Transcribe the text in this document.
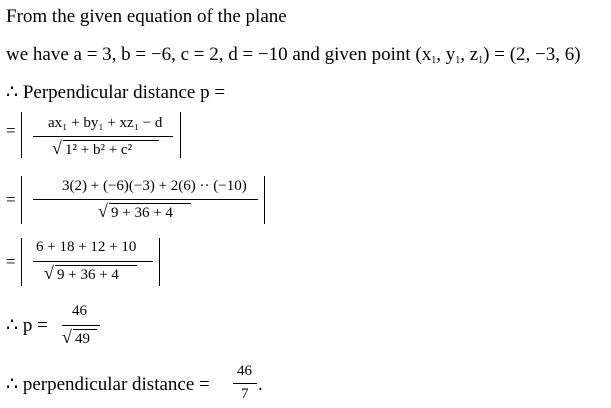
From the given equation of the plane
we have a = 3, b = −6, c = 2, d = −10 and given point ($x_1$, $y_1$, $z_1) = (2$, −3, 6)
∴ Perpendicular distance p =
= ax₁ + by₁ + xz₁ − d
√ 1² + b² + c²
=
3(2) + (−6)(−3) + 2(6) ·· (−10)
√ 9 + 36 + 4
=
6 + 18 + 12 + 10
√ 9 + 36 + 4
∴ p =
46
√ 49
∴ perpendicular distance =
46
7 .
